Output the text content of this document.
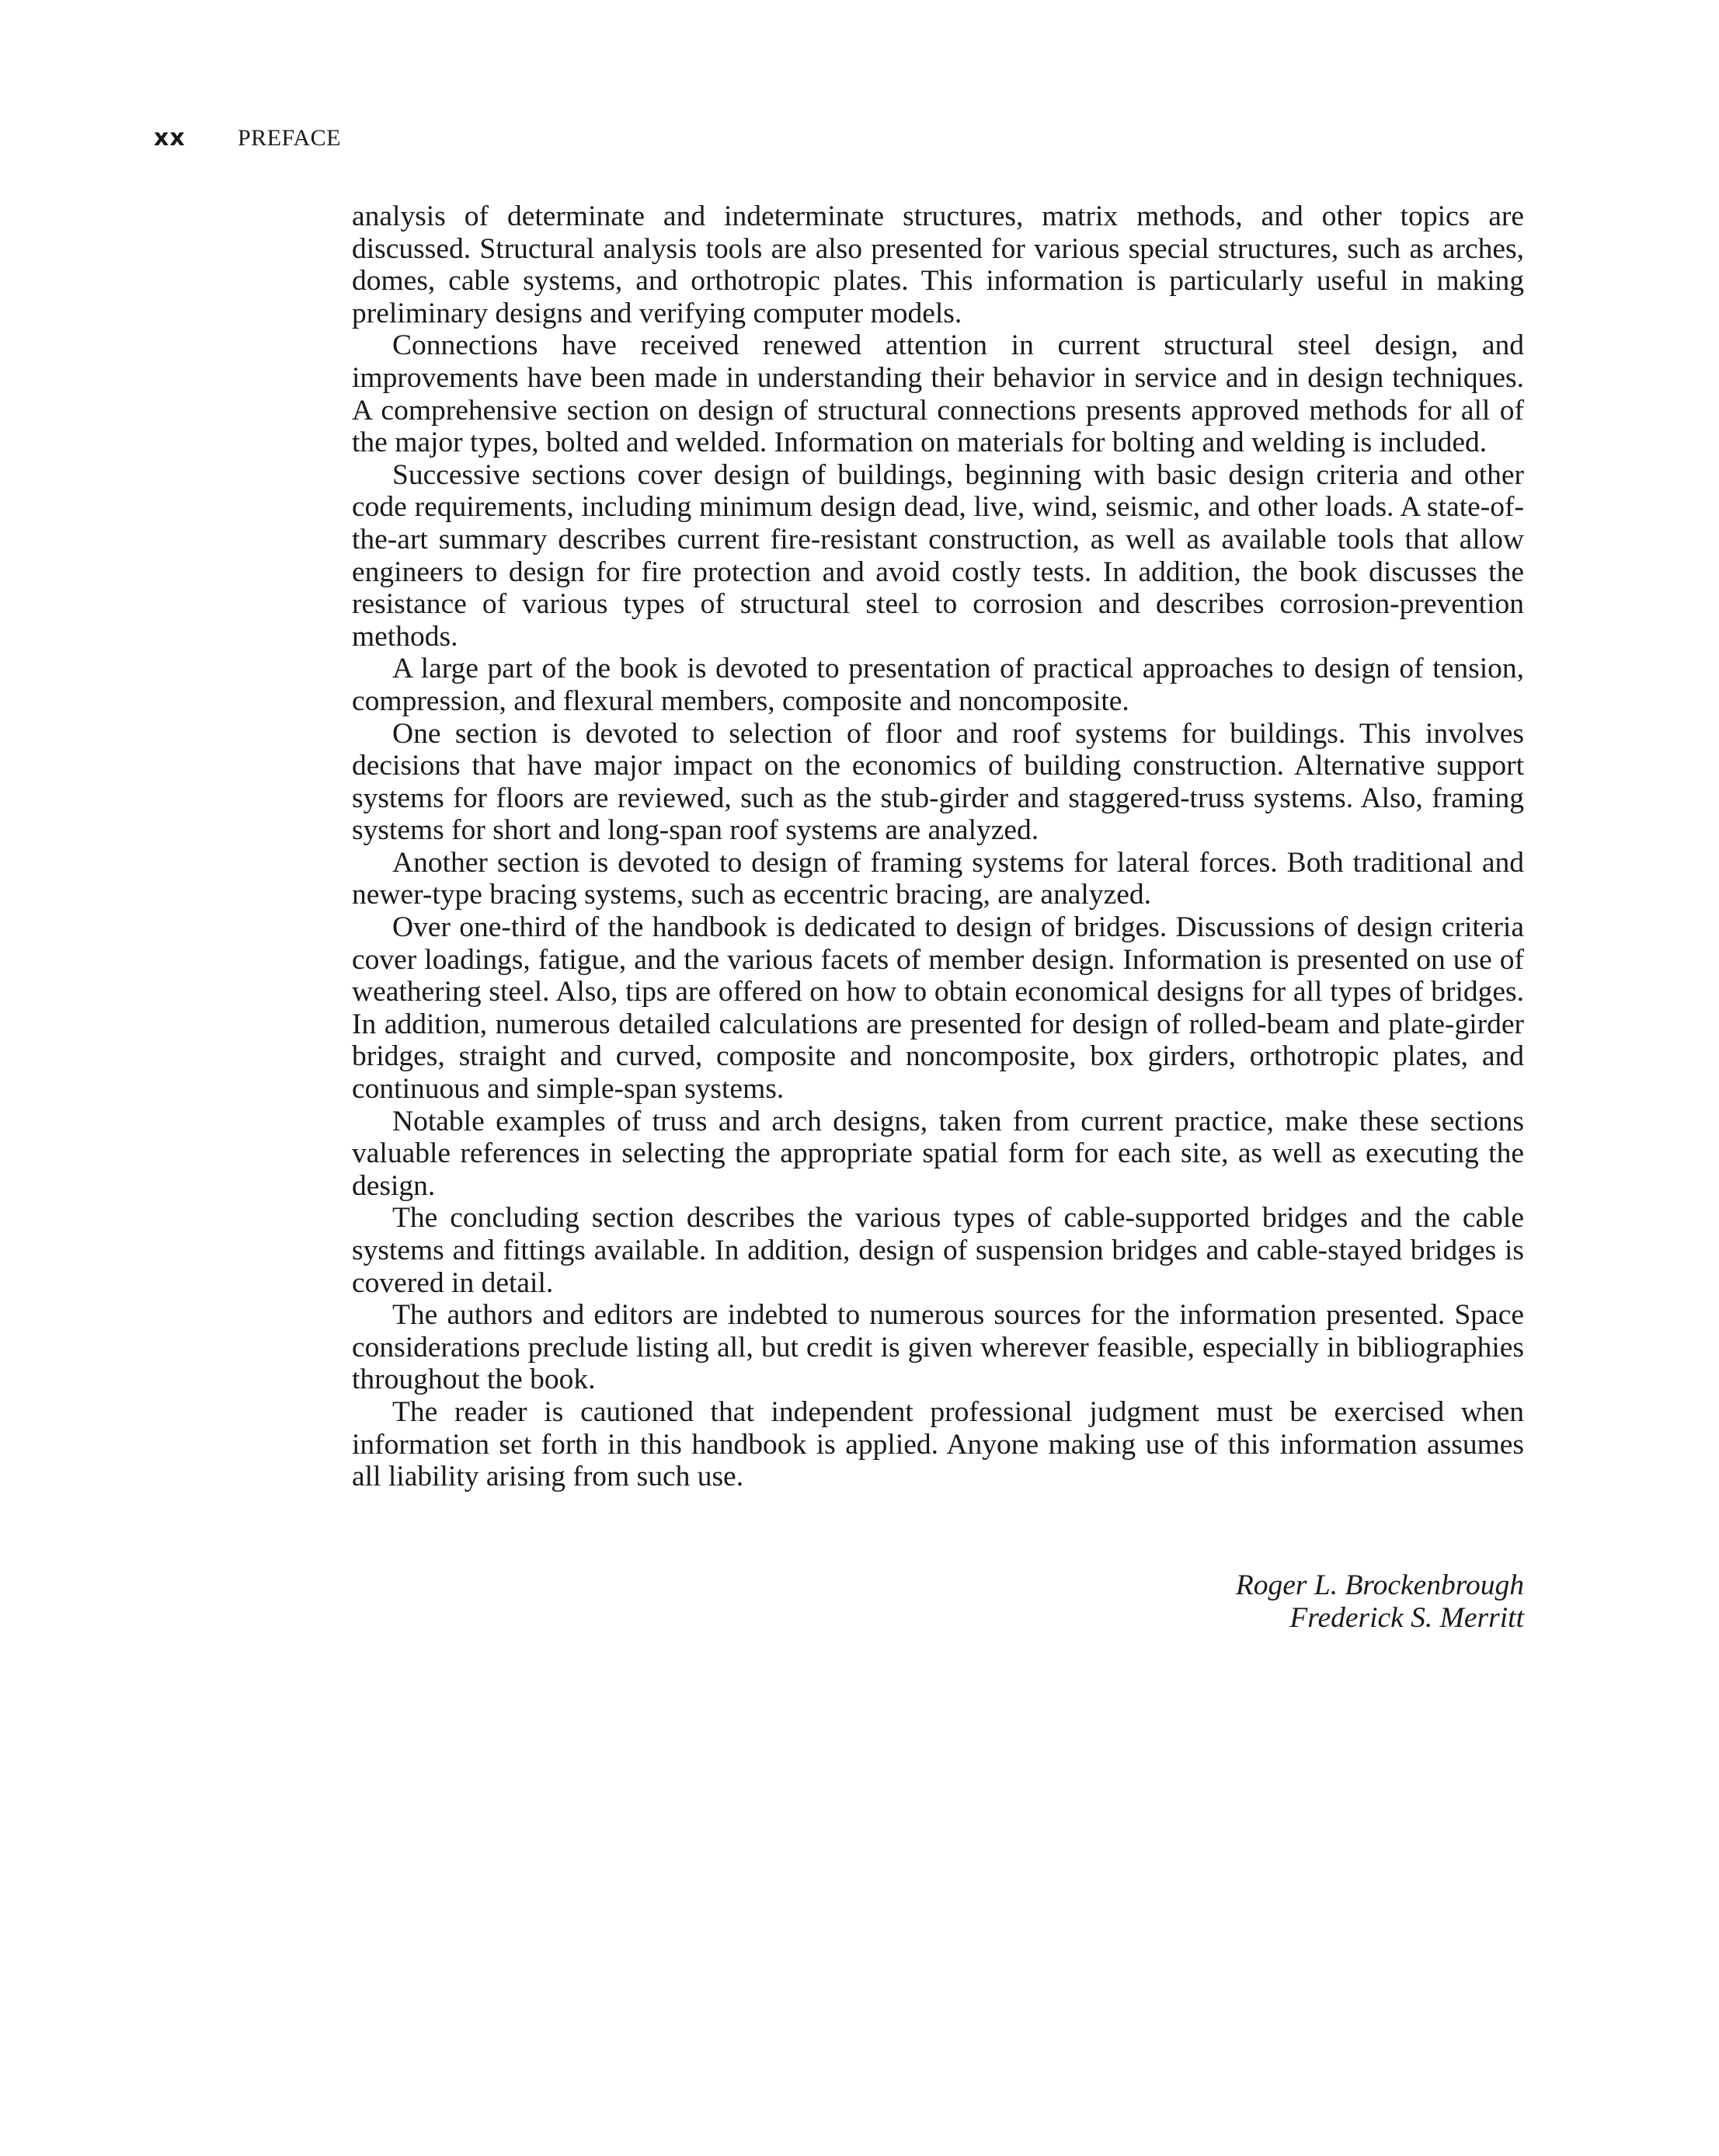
xx	PREFACE

analysis of determinate and indeterminate structures, matrix methods, and other topics are discussed. Structural analysis tools are also presented for various special structures, such as arches, domes, cable systems, and orthotropic plates. This information is particularly useful in making preliminary designs and verifying computer models.

Connections have received renewed attention in current structural steel design, and improvements have been made in understanding their behavior in service and in design techniques. A comprehensive section on design of structural connections presents approved methods for all of the major types, bolted and welded. Information on materials for bolting and welding is included.

Successive sections cover design of buildings, beginning with basic design criteria and other code requirements, including minimum design dead, live, wind, seismic, and other loads. A state-of-the-art summary describes current fire-resistant construction, as well as available tools that allow engineers to design for fire protection and avoid costly tests. In addition, the book discusses the resistance of various types of structural steel to corrosion and describes corrosion-prevention methods.

A large part of the book is devoted to presentation of practical approaches to design of tension, compression, and flexural members, composite and noncomposite.

One section is devoted to selection of floor and roof systems for buildings. This involves decisions that have major impact on the economics of building construction. Alternative support systems for floors are reviewed, such as the stub-girder and staggered-truss systems. Also, framing systems for short and long-span roof systems are analyzed.

Another section is devoted to design of framing systems for lateral forces. Both traditional and newer-type bracing systems, such as eccentric bracing, are analyzed.

Over one-third of the handbook is dedicated to design of bridges. Discussions of design criteria cover loadings, fatigue, and the various facets of member design. Information is presented on use of weathering steel. Also, tips are offered on how to obtain economical designs for all types of bridges. In addition, numerous detailed calculations are presented for design of rolled-beam and plate-girder bridges, straight and curved, composite and noncomposite, box girders, orthotropic plates, and continuous and simple-span systems.

Notable examples of truss and arch designs, taken from current practice, make these sections valuable references in selecting the appropriate spatial form for each site, as well as executing the design.

The concluding section describes the various types of cable-supported bridges and the cable systems and fittings available. In addition, design of suspension bridges and cable-stayed bridges is covered in detail.

The authors and editors are indebted to numerous sources for the information presented. Space considerations preclude listing all, but credit is given wherever feasible, especially in bibliographies throughout the book.

The reader is cautioned that independent professional judgment must be exercised when information set forth in this handbook is applied. Anyone making use of this information assumes all liability arising from such use.

Roger L. Brockenbrough
Frederick S. Merritt
